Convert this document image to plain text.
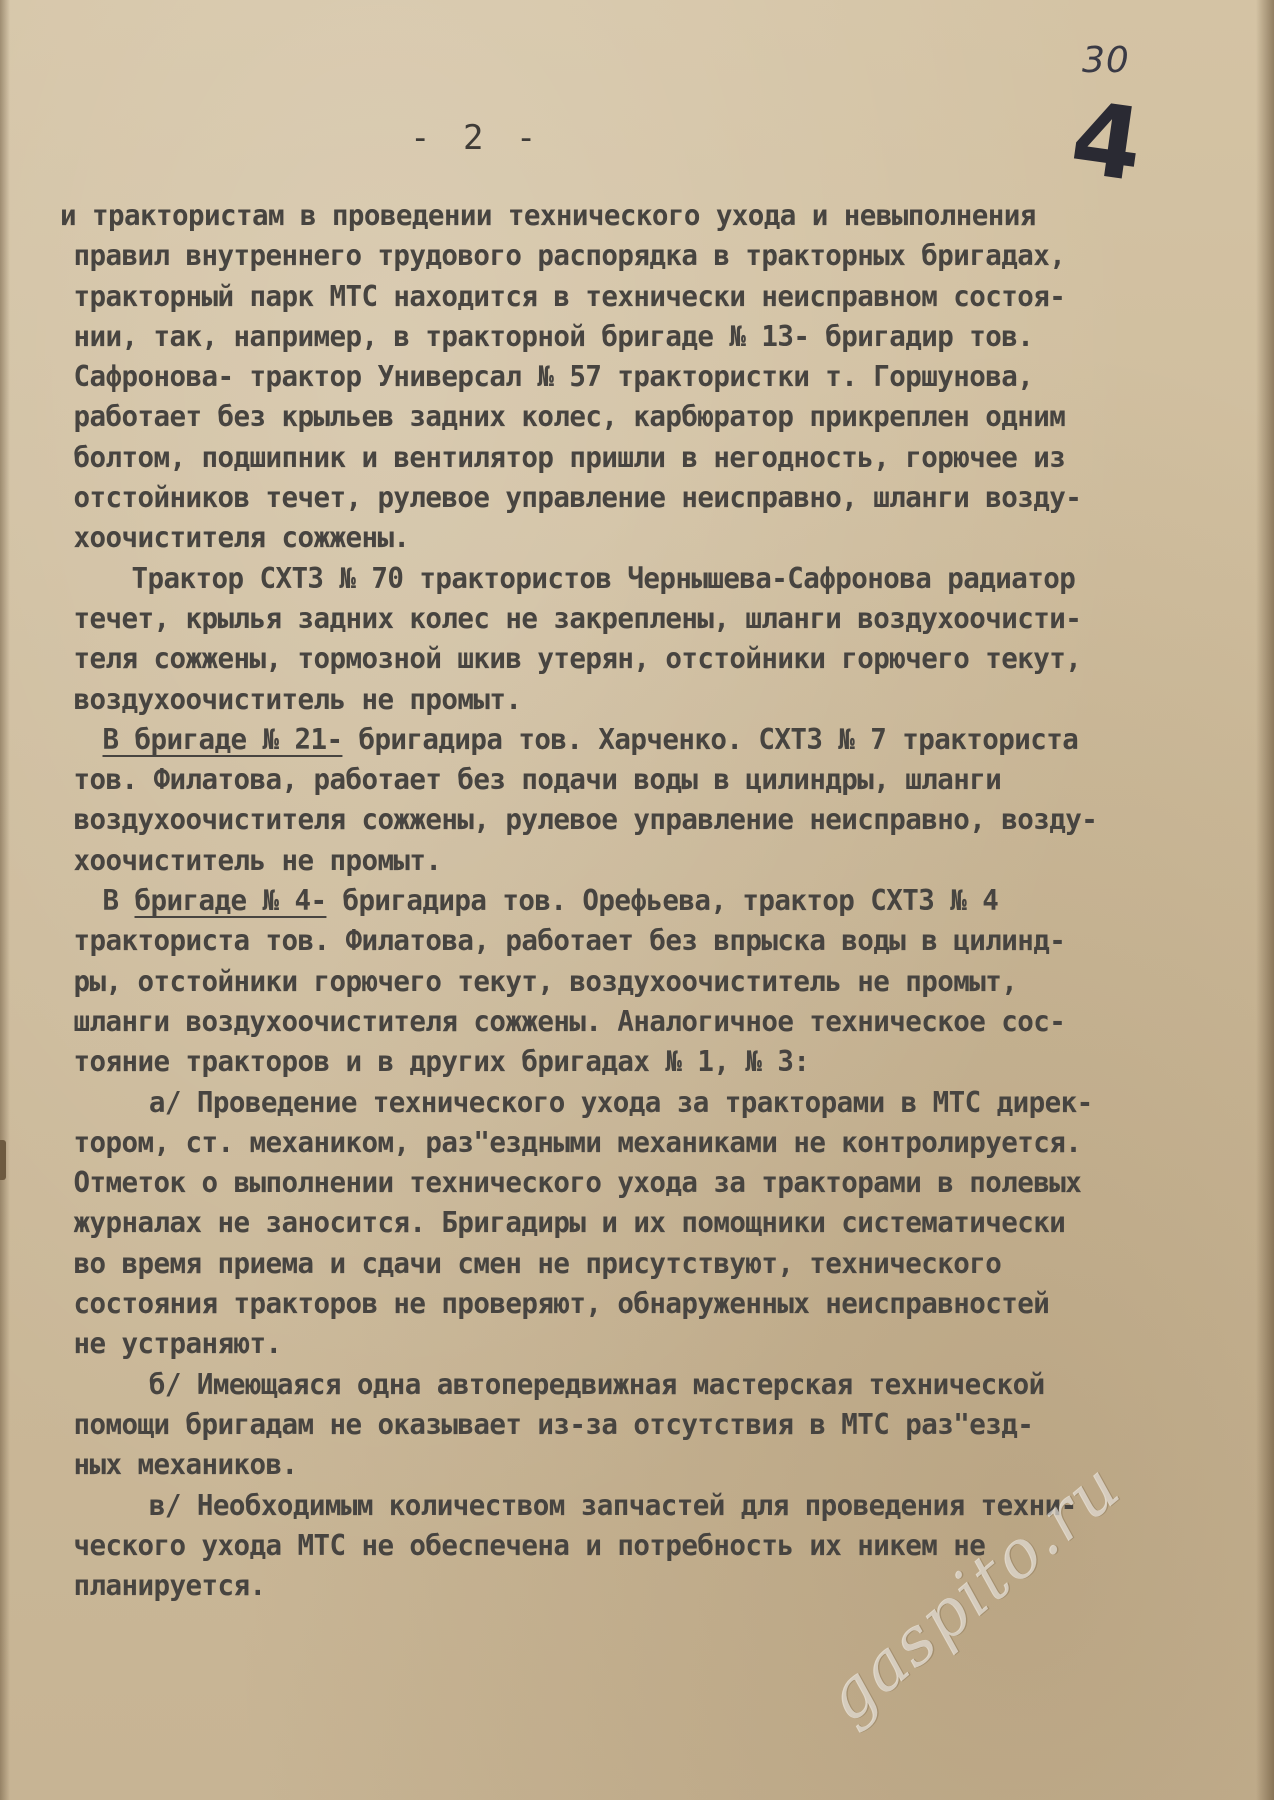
30
4
- 2 -
и трактористам в проведении технического ухода и невыполнения
правил внутреннего трудового распорядка в тракторных бригадах,
тракторный парк МТС находится в технически неисправном состоя-
нии, так, например, в тракторной бригаде № 13- бригадир тов.
Сафронова- трактор Универсал № 57 трактористки т. Горшунова,
работает без крыльев задних колес, карбюратор прикреплен одним
болтом, подшипник и вентилятор пришли в негодность, горючее из
отстойников течет, рулевое управление неисправно, шланги возду-
хоочистителя сожжены.
Трактор СХТЗ № 70 трактористов Чернышева-Сафронова радиатор
течет, крылья задних колес не закреплены, шланги воздухоочисти-
теля сожжены, тормозной шкив утерян, отстойники горючего текут,
воздухоочиститель не промыт.
В бригаде № 21- бригадира тов. Харченко. СХТЗ № 7 тракториста
тов. Филатова, работает без подачи воды в цилиндры, шланги
воздухоочистителя сожжены, рулевое управление неисправно, возду-
хоочиститель не промыт.
В бригаде № 4- бригадира тов. Орефьева, трактор СХТЗ № 4
тракториста тов. Филатова, работает без впрыска воды в цилинд-
ры, отстойники горючего текут, воздухоочиститель не промыт,
шланги воздухоочистителя сожжены. Аналогичное техническое сос-
тояние тракторов и в других бригадах № 1, № 3:
а/ Проведение технического ухода за тракторами в МТС дирек-
тором, ст. механиком, раз"ездными механиками не контролируется.
Отметок о выполнении технического ухода за тракторами в полевых
журналах не заносится. Бригадиры и их помощники систематически
во время приема и сдачи смен не присутствуют, технического
состояния тракторов не проверяют, обнаруженных неисправностей
не устраняют.
б/ Имеющаяся одна автопередвижная мастерская технической
помощи бригадам не оказывает из-за отсутствия в МТС раз"езд-
ных механиков.
в/ Необходимым количеством запчастей для проведения техни-
ческого ухода МТС не обеспечена и потребность их никем не
планируется.	gaspito.ru
